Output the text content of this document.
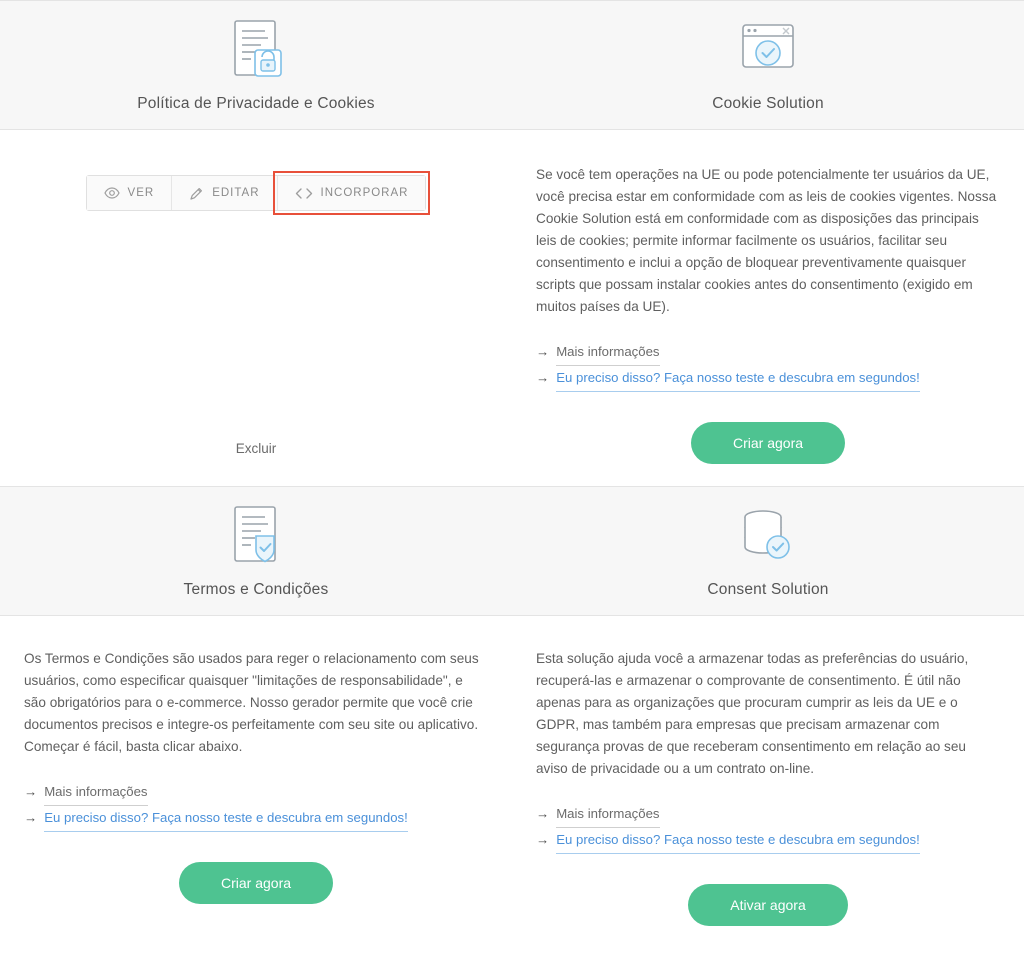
Política de Privacidade e Cookies	Cookie Solution
VER	EDITAR	INCORPORAR
Excluir

Se você tem operações na UE ou pode potencialmente ter usuários da UE, você precisa estar em conformidade com as leis de cookies vigentes. Nossa Cookie Solution está em conformidade com as disposições das principais leis de cookies; permite informar facilmente os usuários, facilitar seu consentimento e inclui a opção de bloquear preventivamente quaisquer scripts que possam instalar cookies antes do consentimento (exigido em muitos países da UE).

→ Mais informações
→ Eu preciso disso? Faça nosso teste e descubra em segundos!
Criar agora
Termos e Condições	Consent Solution

Os Termos e Condições são usados para reger o relacionamento com seus usuários, como especificar quaisquer "limitações de responsabilidade", e são obrigatórios para o e-commerce. Nosso gerador permite que você crie documentos precisos e integre-os perfeitamente com seu site ou aplicativo. Começar é fácil, basta clicar abaixo.

→ Mais informações
→ Eu preciso disso? Faça nosso teste e descubra em segundos!
Criar agora

Esta solução ajuda você a armazenar todas as preferências do usuário, recuperá-las e armazenar o comprovante de consentimento. É útil não apenas para as organizações que procuram cumprir as leis da UE e o GDPR, mas também para empresas que precisam armazenar com segurança provas de que receberam consentimento em relação ao seu aviso de privacidade ou a um contrato on-line.

→ Mais informações
→ Eu preciso disso? Faça nosso teste e descubra em segundos!
Ativar agora
